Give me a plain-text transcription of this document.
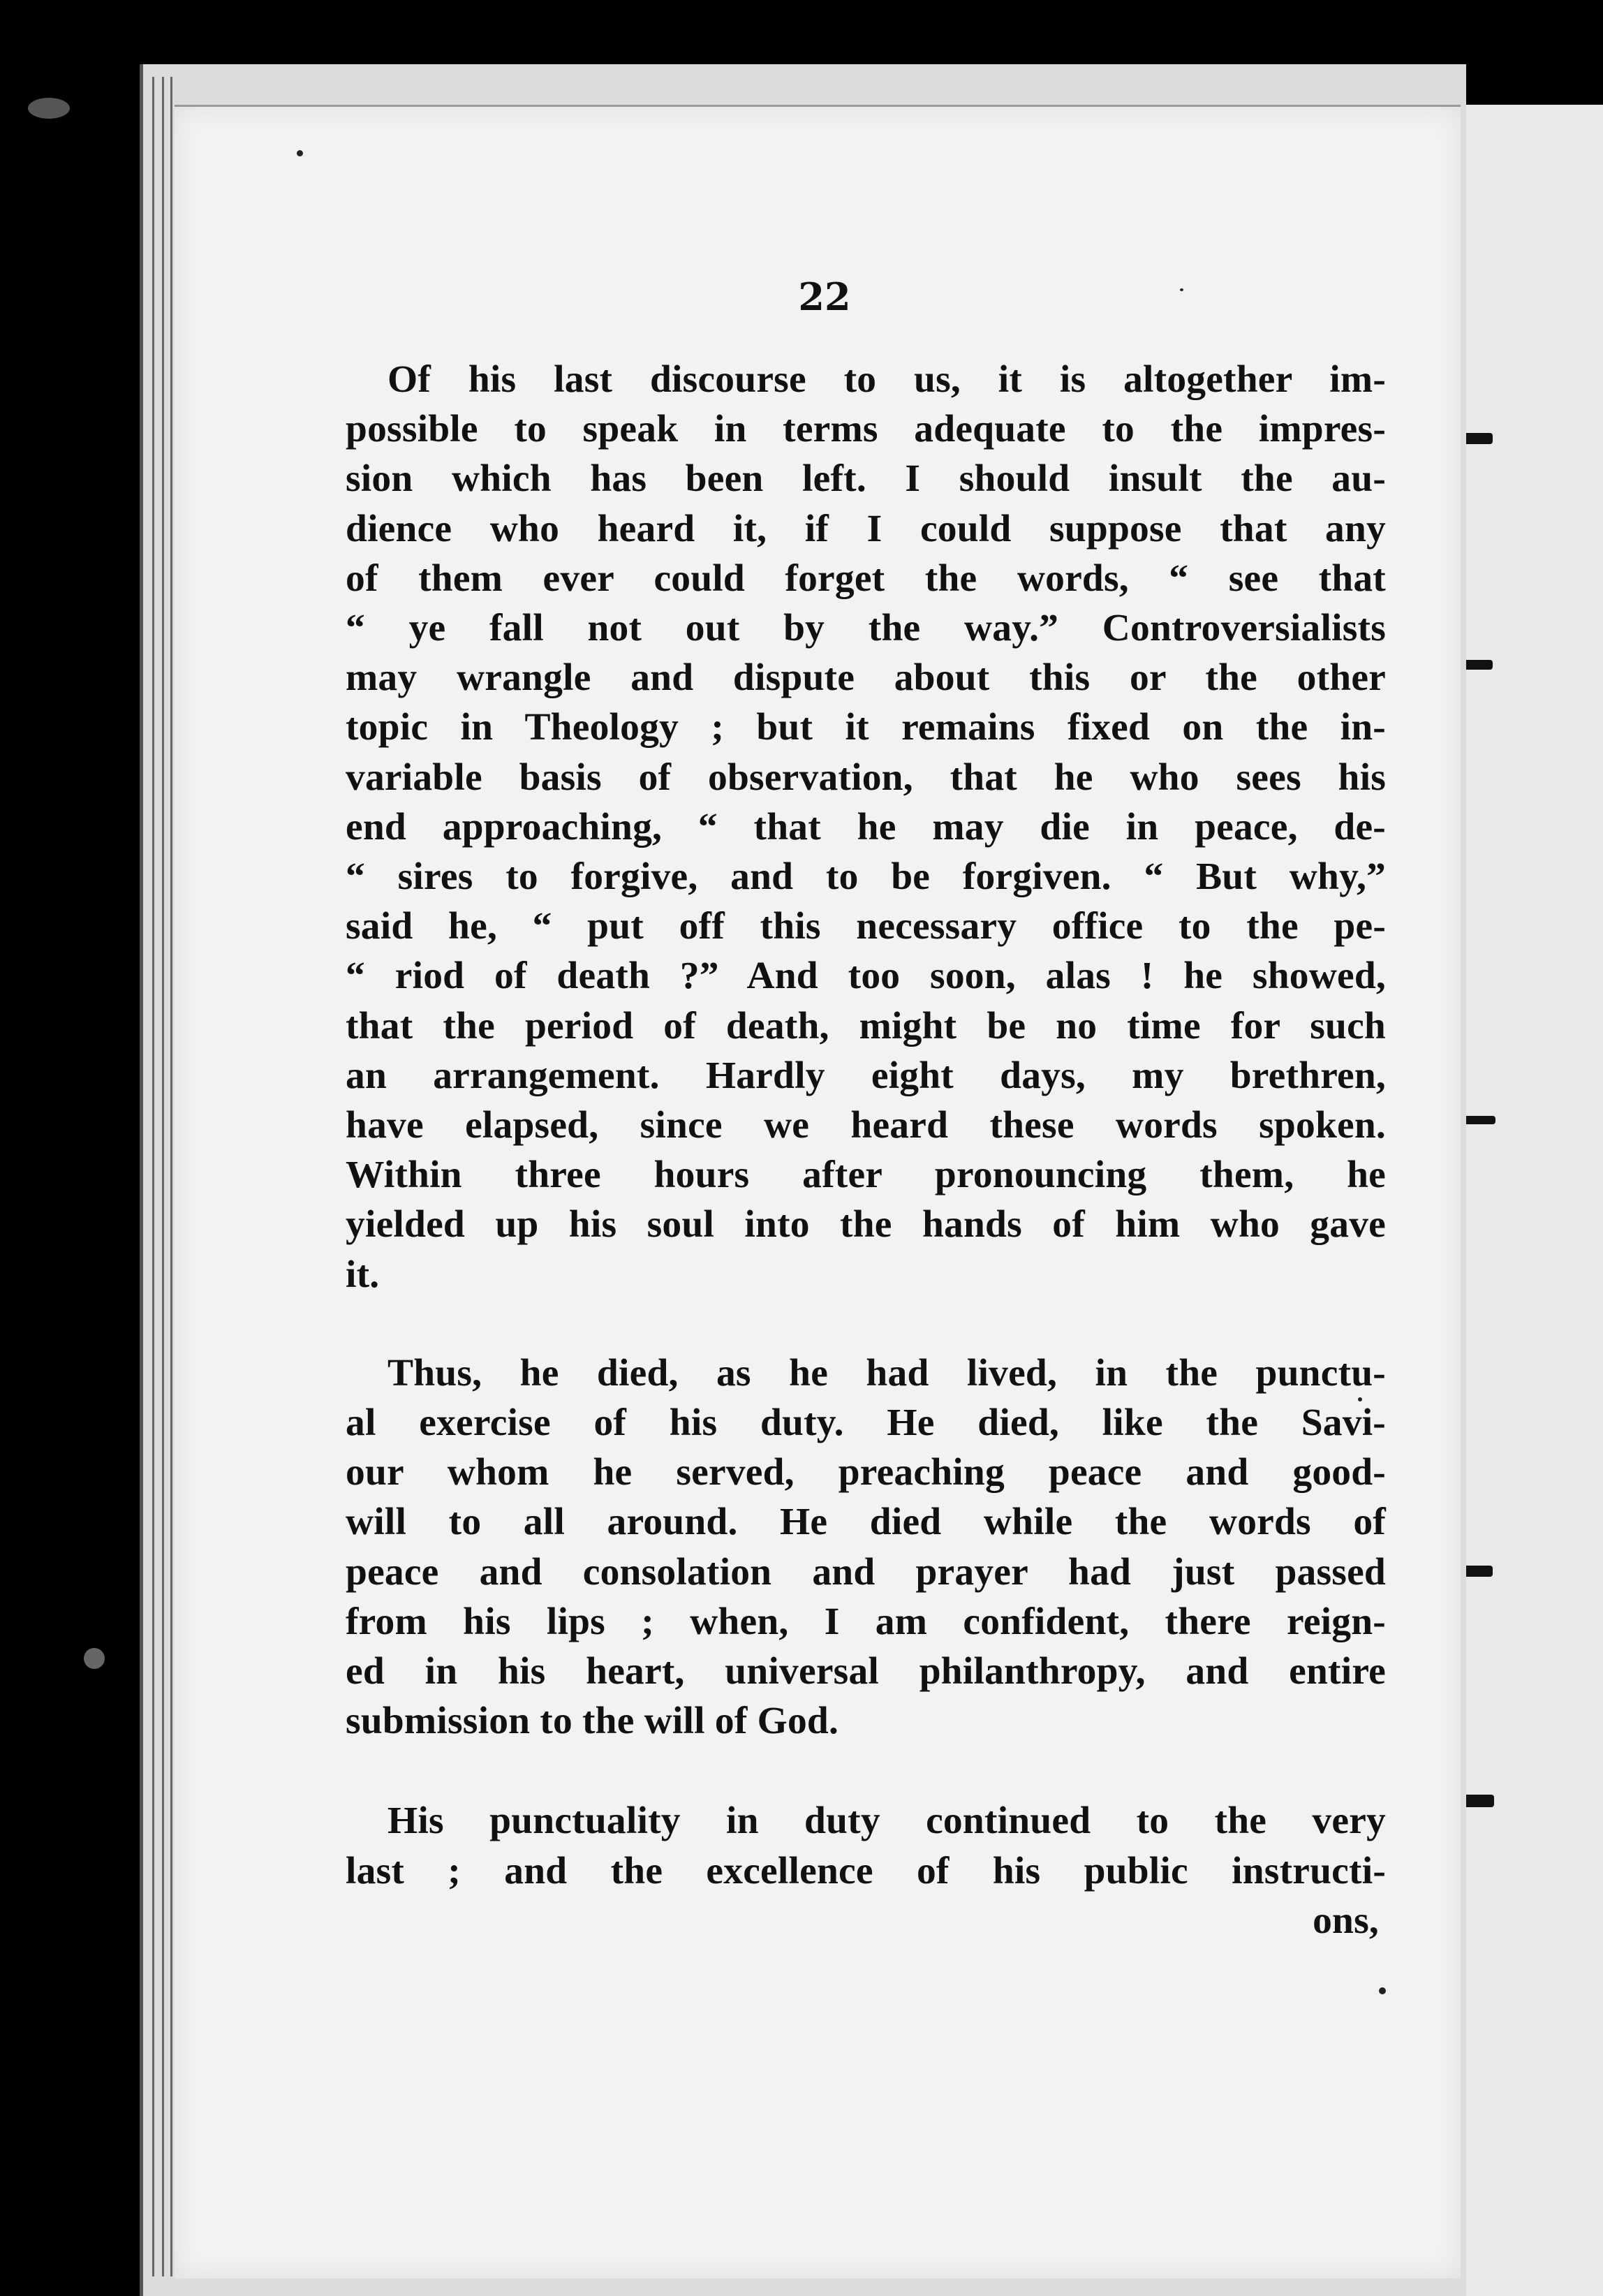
22
Of his last discourse to us, it is altogether im-
possible to speak in terms adequate to the impres-
sion which has been left. I should insult the au-
dience who heard it, if I could suppose that any
of them ever could forget the words, “ see that
“ ye fall not out by the way.” Controversialists
may wrangle and dispute about this or the other
topic in Theology ; but it remains fixed on the in-
variable basis of observation, that he who sees his
end approaching, “ that he may die in peace, de-
“ sires to forgive, and to be forgiven. “ But why,”
said he, “ put off this necessary office to the pe-
“ riod of death ?” And too soon, alas ! he showed,
that the period of death, might be no time for such
an arrangement. Hardly eight days, my brethren,
have elapsed, since we heard these words spoken.
Within three hours after pronouncing them, he
yielded up his soul into the hands of him who gave
it.
Thus, he died, as he had lived, in the punctu-
al exercise of his duty. He died, like the Savi-
our whom he served, preaching peace and good-
will to all around. He died while the words of
peace and consolation and prayer had just passed
from his lips ; when, I am confident, there reign-
ed in his heart, universal philanthropy, and entire
submission to the will of God.
His punctuality in duty continued to the very
last ; and the excellence of his public instructi-
ons,
